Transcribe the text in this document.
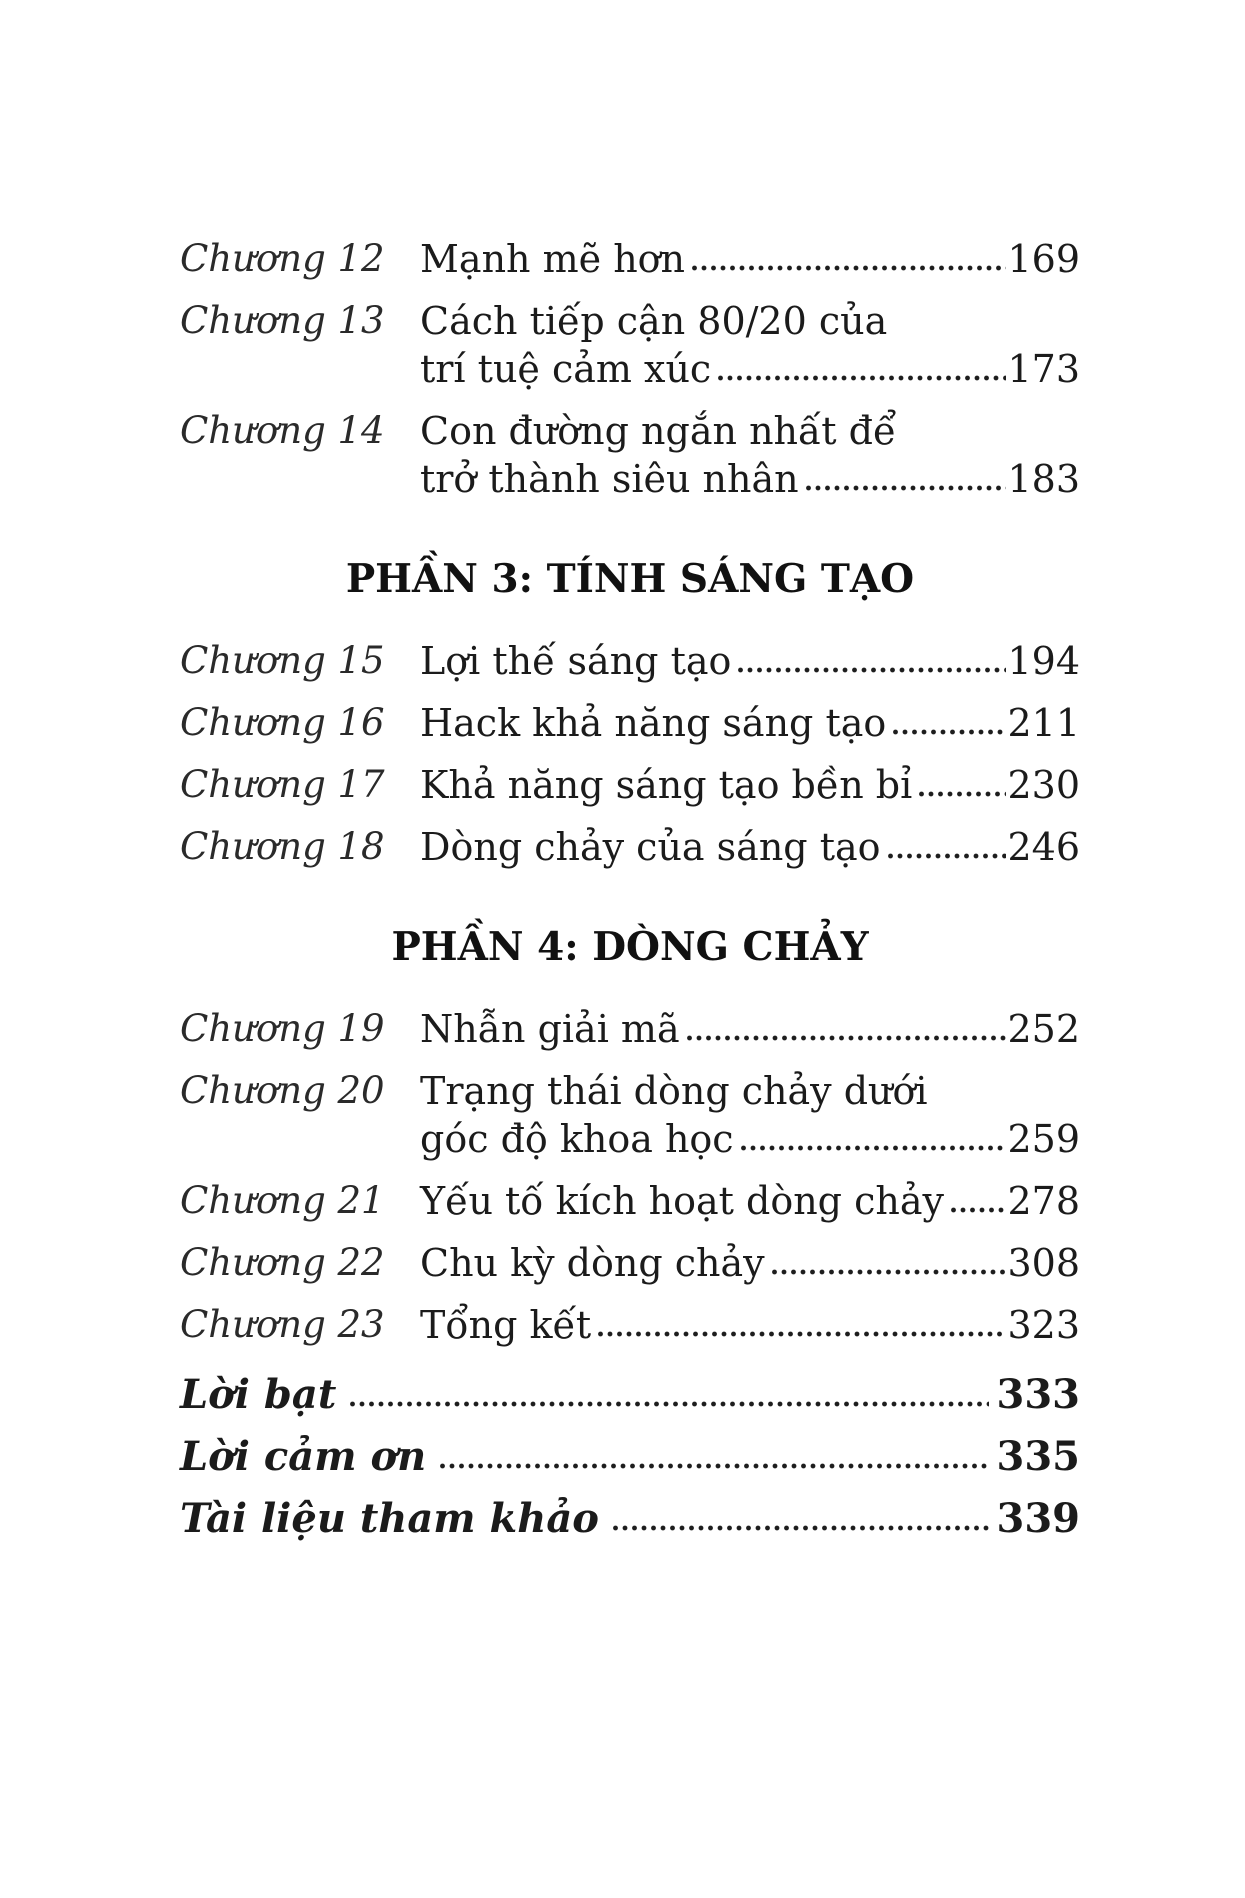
Chương 12 Mạnh mẽ hơn	169
Chương 13 Cách tiếp cận 80/20 của
trí tuệ cảm xúc	173
Chương 14 Con đường ngắn nhất để
trở thành siêu nhân	183
PHẦN 3: TÍNH SÁNG TẠO
Chương 15 Lợi thế sáng tạo	194
Chương 16 Hack khả năng sáng tạo	211
Chương 17 Khả năng sáng tạo bền bỉ	230
Chương 18 Dòng chảy của sáng tạo	246
PHẦN 4: DÒNG CHẢY
Chương 19 Nhẫn giải mã	252
Chương 20 Trạng thái dòng chảy dưới
góc độ khoa học	259
Chương 21 Yếu tố kích hoạt dòng chảy 278
Chương 22 Chu kỳ dòng chảy	308
Chương 23 Tổng kết	323
Lời bạt	333
Lời cảm ơn	335
Tài liệu tham khảo	339
